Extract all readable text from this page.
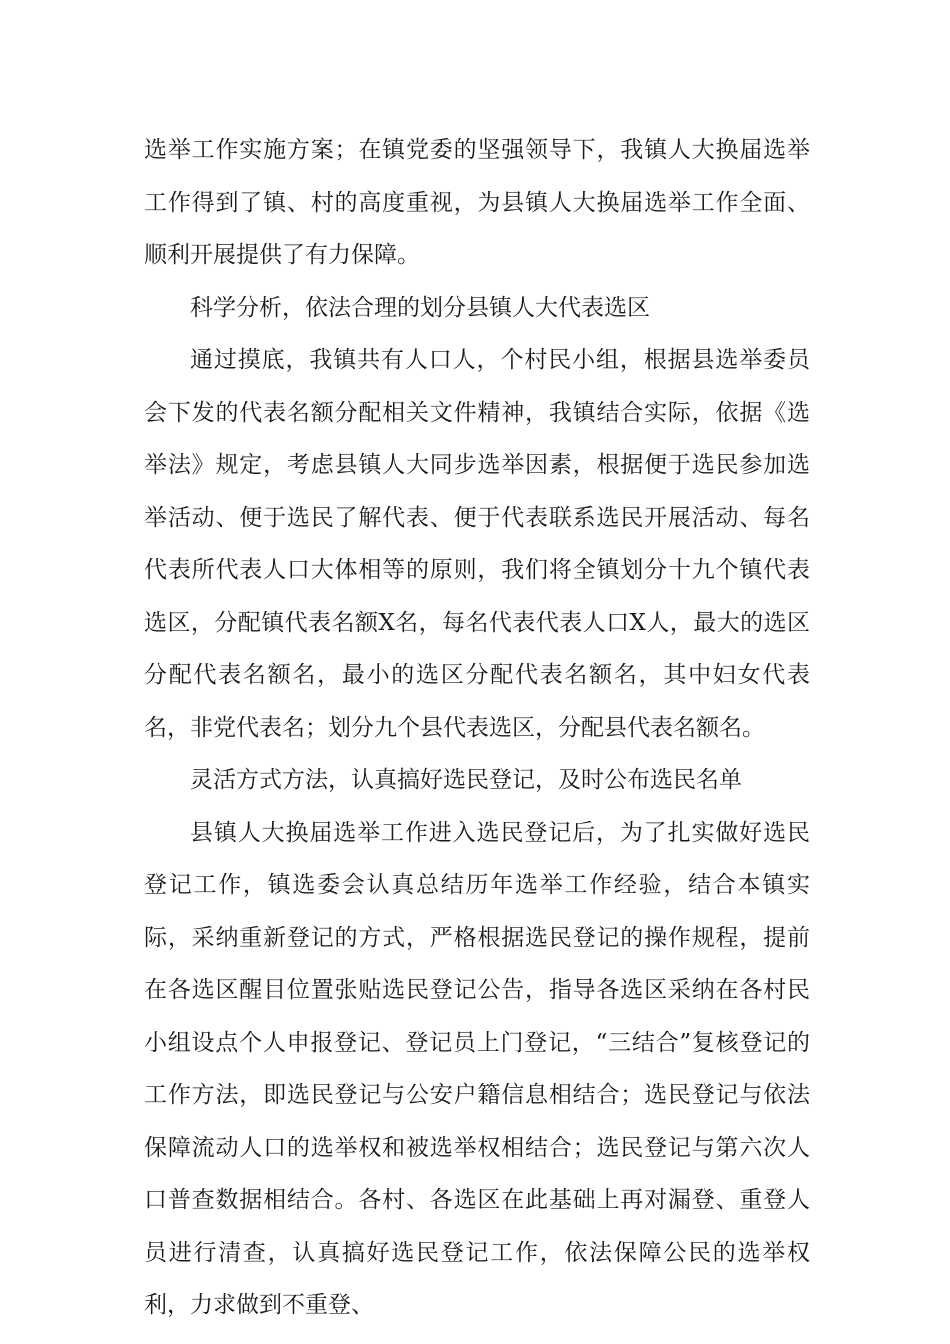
选举工作实施方案；在镇党委的坚强领导下，我镇人大换届选举工作得到了镇、村的高度重视，为县镇人大换届选举工作全面、顺利开展提供了有力保障。

科学分析，依法合理的划分县镇人大代表选区

通过摸底，我镇共有人口人，个村民小组，根据县选举委员会下发的代表名额分配相关文件精神，我镇结合实际，依据《选举法》规定，考虑县镇人大同步选举因素，根据便于选民参加选举活动、便于选民了解代表、便于代表联系选民开展活动、每名代表所代表人口大体相等的原则，我们将全镇划分十九个镇代表选区，分配镇代表名额X名，每名代表代表人口X人，最大的选区分配代表名额名，最小的选区分配代表名额名，其中妇女代表名，非党代表名；划分九个县代表选区，分配县代表名额名。

灵活方式方法，认真搞好选民登记，及时公布选民名单

县镇人大换届选举工作进入选民登记后，为了扎实做好选民登记工作，镇选委会认真总结历年选举工作经验，结合本镇实际，采纳重新登记的方式，严格根据选民登记的操作规程，提前在各选区醒目位置张贴选民登记公告，指导各选区采纳在各村民小组设点个人申报登记、登记员上门登记，“三结合”复核登记的工作方法，即选民登记与公安户籍信息相结合；选民登记与依法保障流动人口的选举权和被选举权相结合；选民登记与第六次人口普查数据相结合。各村、各选区在此基础上再对漏登、重登人员进行清查，认真搞好选民登记工作，依法保障公民的选举权利，力求做到不重登、
